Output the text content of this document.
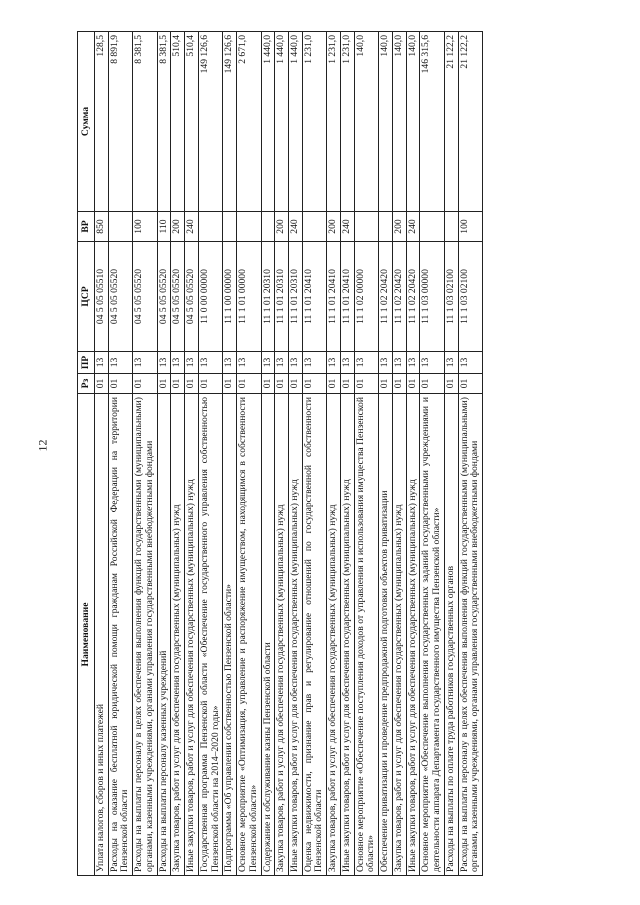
12
Наименование	Рз	ПР	ЦСР	ВР	Сумма
Уплата налогов, сборов и иных платежей	01	13	04 5 05 05510	850	128,5
Расходы на оказание бесплатной юридической помощи гражданам Российской Федерации на территории Пензенской области	01	13	04 5 05 05520		8 891,9
Расходы на выплаты персоналу в целях обеспечения выполнения функций государственными (муниципальными) органами, казенными учреждениями, органами управления государственными внебюджетными фондами	01	13	04 5 05 05520	100	8 381,5
Расходы на выплаты персоналу казенных учреждений	01	13	04 5 05 05520	110	8 381,5
Закупка товаров, работ и услуг для обеспечения государственных (муниципальных) нужд	01	13	04 5 05 05520	200	510,4
Иные закупки товаров, работ и услуг для обеспечения государственных (муниципальных) нужд	01	13	04 5 05 05520	240	510,4
Государственная программа Пензенской области «Обеспечение государственного управления собственностью Пензенской области на 2014–2020 годы»	01	13	11 0 00 00000		149 126,6
Подпрограмма «Об управлении собственностью Пензенской области»	01	13	11 1 00 00000		149 126,6
Основное мероприятие «Оптимизация, управление и распоряжение имуществом, находящимся в собственности Пензенской области»	01	13	11 1 01 00000		2 671,0
Содержание и обслуживание казны Пензенской области	01	13	11 1 01 20310		1 440,0
Закупка товаров, работ и услуг для обеспечения государственных (муниципальных) нужд	01	13	11 1 01 20310	200	1 440,0
Иные закупки товаров, работ и услуг для обеспечения государственных (муниципальных) нужд	01	13	11 1 01 20310	240	1 440,0
Оценка недвижимости, признание прав и регулирование отношений по государственной собственности Пензенской области	01	13	11 1 01 20410		1 231,0
Закупка товаров, работ и услуг для обеспечения государственных (муниципальных) нужд	01	13	11 1 01 20410	200	1 231,0
Иные закупки товаров, работ и услуг для обеспечения государственных (муниципальных) нужд	01	13	11 1 01 20410	240	1 231,0
Основное мероприятие «Обеспечение поступления доходов от управления и использования имущества Пензенской области»	01	13	11 1 02 00000		140,0
Обеспечение приватизации и проведение предпродажной подготовки объектов приватизации	01	13	11 1 02 20420		140,0
Закупка товаров, работ и услуг для обеспечения государственных (муниципальных) нужд	01	13	11 1 02 20420	200	140,0
Иные закупки товаров, работ и услуг для обеспечения государственных (муниципальных) нужд	01	13	11 1 02 20420	240	140,0
Основное мероприятие «Обеспечение выполнения государственных заданий государственными учреждениями и деятельности аппарата Департамента государственного имущества Пензенской области»	01	13	11 1 03 00000		146 315,6
Расходы на выплаты по оплате труда работников государственных органов	01	13	11 1 03 02100		21 122,2
Расходы на выплаты персоналу в целях обеспечения выполнения функций государственными (муниципальными) органами, казенными учреждениями, органами управления государственными внебюджетными фондами	01	13	11 1 03 02100	100	21 122,2
